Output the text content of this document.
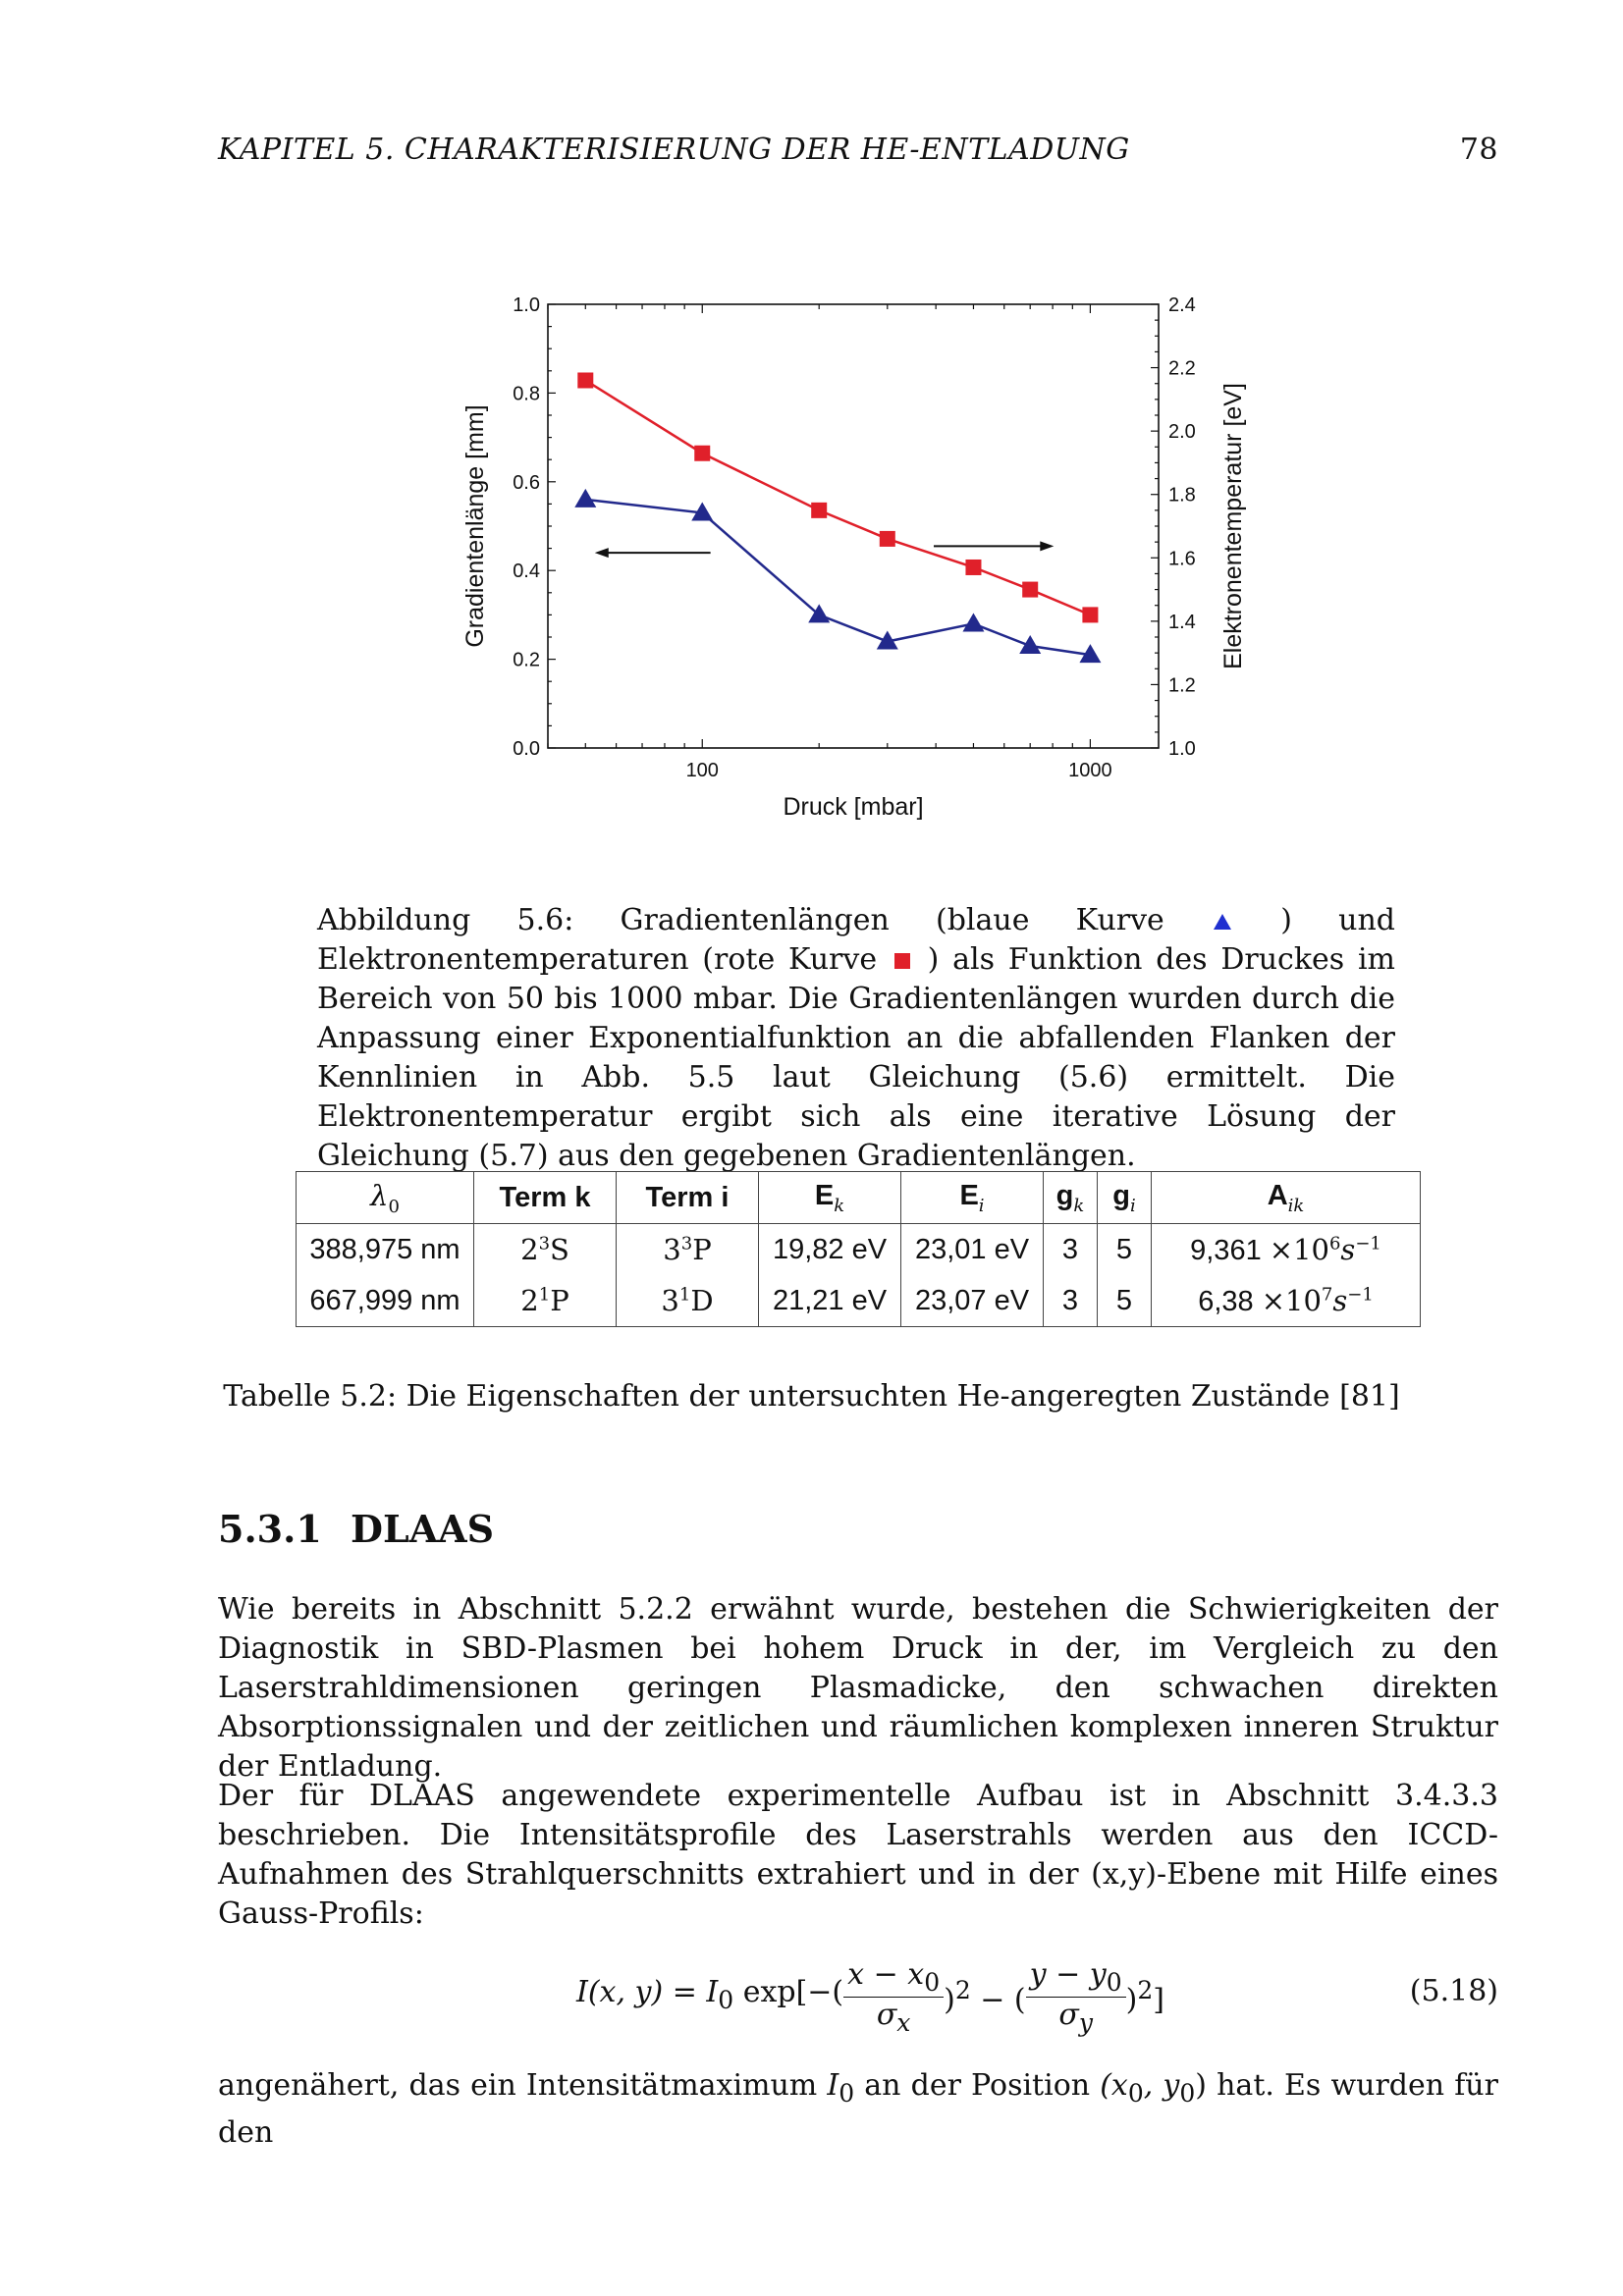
KAPITEL 5. CHARAKTERISIERUNG DER HE-ENTLADUNG	78
0.0
0.2
0.4
0.6
0.8
1.0
1.0
1.2
1.4
1.6
1.8
2.0
2.2
2.4
100	1000
Druck [mbar]
Gradientenlänge [mm]	Elektronentemperatur [eV]
Abbildung 5.6: Gradientenlängen (blaue Kurve	) und Elektronentemperaturen (rote Kurve ) als Funktion des Druckes im Bereich von 50 bis 1000 mbar. Die Gradientenlängen wurden durch die Anpassung einer Exponentialfunktion an die abfallenden Flanken der Kennlinien in Abb. 5.5 laut Gleichung (5.6) ermittelt. Die Elektronentemperatur ergibt sich als eine iterative Lösung der Gleichung (5.7) aus den gegebenen Gradientenlängen.
$\lambda_0$	Term k	Term i	$E_k$	$E_i$	$g_k$	$g_i$	$A_{ik}$
388,975 nm	$2^3S$	$3^3P$	19,82 eV	23,01 eV	3	5	$9,361 \times 10^6s^{-1}$
667,999 nm	$2^1P$	$3^1D$	21,21 eV	23,07 eV	3	5	$6,38 \times 10^7s^{-1}$
Tabelle 5.2: Die Eigenschaften der untersuchten He-angeregten Zustände [81]
5.3.1 DLAAS
Wie bereits in Abschnitt 5.2.2 erwähnt wurde, bestehen die Schwierigkeiten der Diagnostik in SBD-Plasmen bei hohem Druck in der, im Vergleich zu den Laserstrahldimensionen geringen Plasmadicke, den schwachen direkten Absorptionssignalen und der zeitlichen und räumlichen komplexen inneren Struktur der Entladung.
Der für DLAAS angewendete experimentelle Aufbau ist in Abschnitt 3.4.3.3 beschrieben. Die Intensitätsprofile des Laserstrahls werden aus den ICCD-Aufnahmen des Strahlquerschnitts extrahiert und in der (x,y)-Ebene mit Hilfe eines Gauss-Profils:
I(x, $y) = I_0$ $\exp[-( \frac{x - x_0}{\sigma_x} )^2$ − ( $\frac{y - y_0}{\sigma_y} )^2$]	(5.18)
angenähert, das ein Intensitätmaximum $I_0$ an der Position ($x_0$, $y_0$) hat. Es wurden für den
